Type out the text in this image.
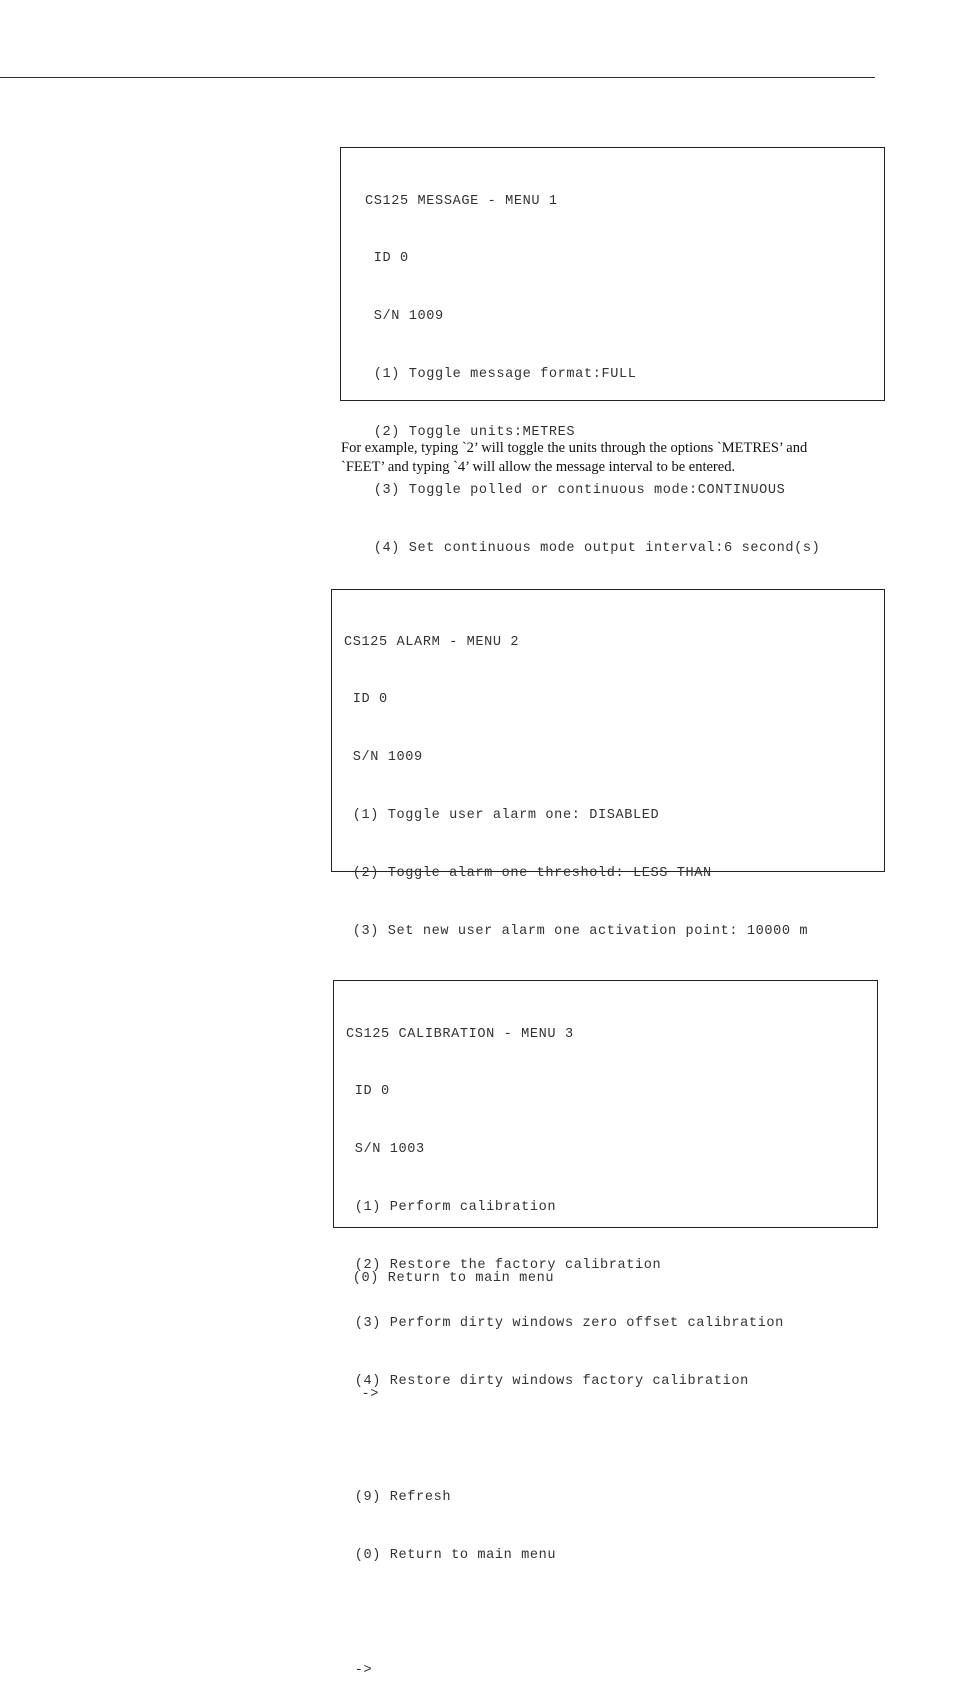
CS125 MESSAGE - MENU 1

ID 0

S/N 1009

(1) Toggle message format:FULL

(2) Toggle units:METRES

(3) Toggle polled or continuous mode:CONTINUOUS

(4) Set continuous mode output interval:6 second(s)

For example, typing `2’ will toggle the units through the options `METRES’ and
`FEET’ and typing `4’ will allow the message interval to be entered.

CS125 ALARM - MENU 2

ID 0

S/N 1009

(1) Toggle user alarm one: DISABLED

(2) Toggle alarm one threshold: LESS THAN

(3) Set new user alarm one activation point: 10000 m

(0) Return to main menu

->

CS125 CALIBRATION - MENU 3

ID 0

S/N 1003

(1) Perform calibration

(2) Restore the factory calibration

(3) Perform dirty windows zero offset calibration

(4) Restore dirty windows factory calibration

(9) Refresh

(0) Return to main menu

->
